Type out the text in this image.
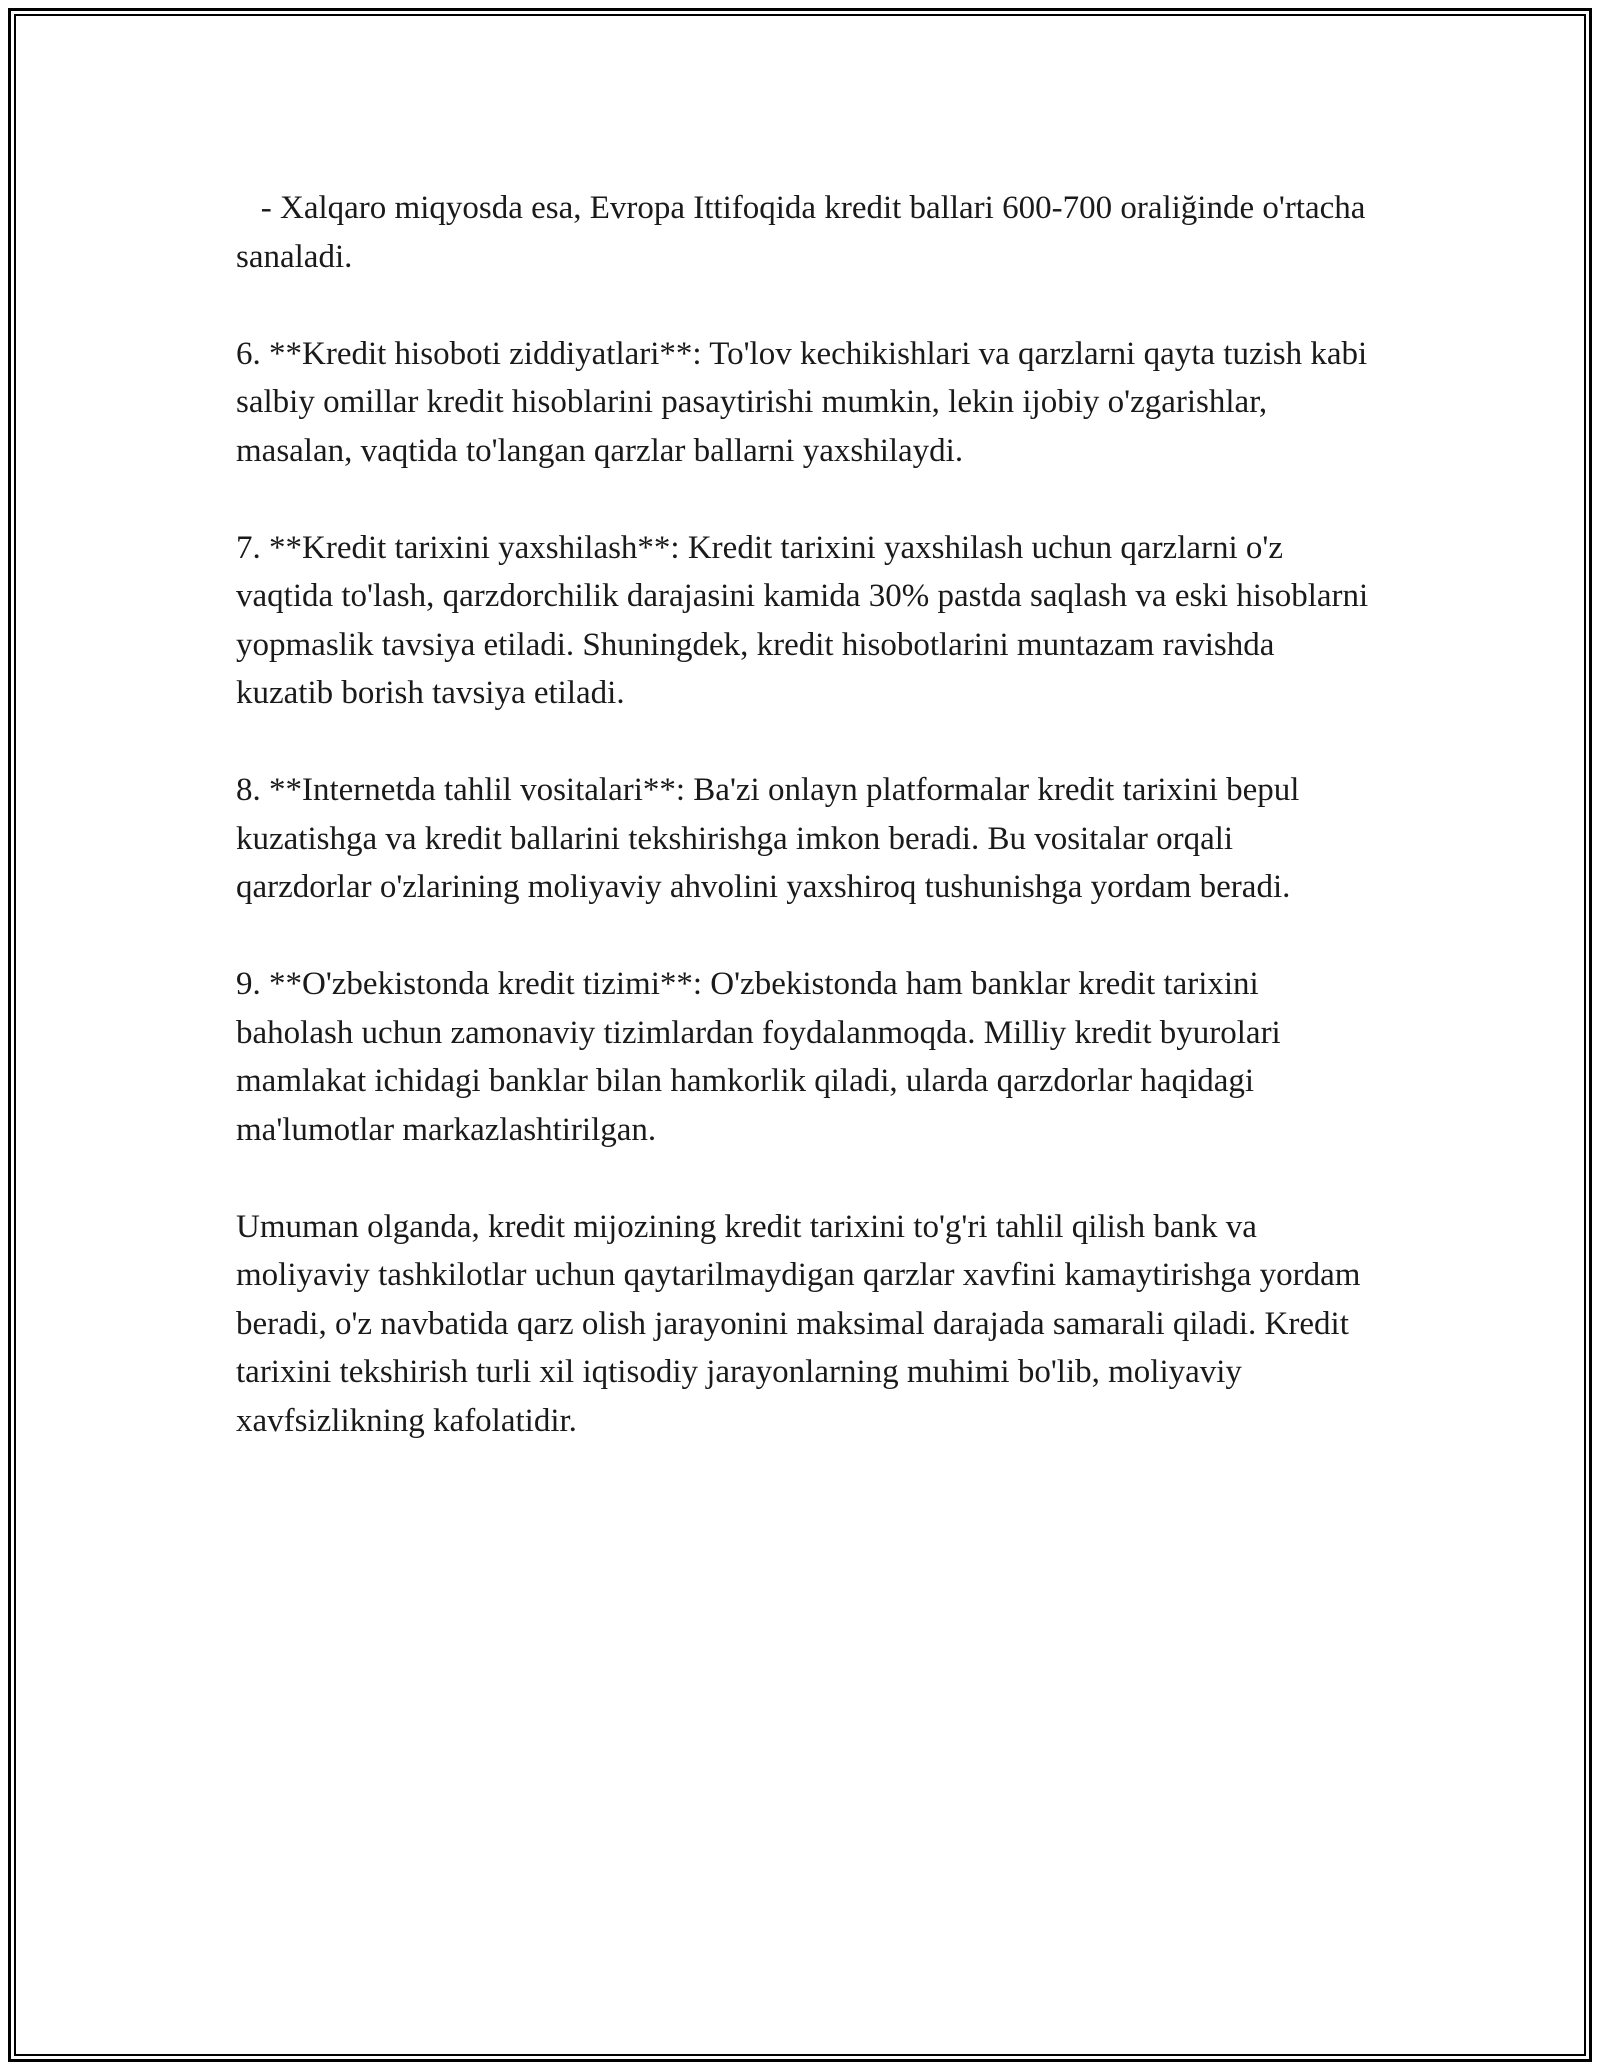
- Xalqaro miqyosda esa, Evropa Ittifoqida kredit ballari 600-700 oraliğinde o'rtacha sanaladi.

6. **Kredit hisoboti ziddiyatlari**: To'lov kechikishlari va qarzlarni qayta tuzish kabi salbiy omillar kredit hisoblarini pasaytirishi mumkin, lekin ijobiy o'zgarishlar, masalan, vaqtida to'langan qarzlar ballarni yaxshilaydi.

7. **Kredit tarixini yaxshilash**: Kredit tarixini yaxshilash uchun qarzlarni o'z vaqtida to'lash, qarzdorchilik darajasini kamida 30% pastda saqlash va eski hisoblarni yopmaslik tavsiya etiladi. Shuningdek, kredit hisobotlarini muntazam ravishda kuzatib borish tavsiya etiladi.

8. **Internetda tahlil vositalari**: Ba'zi onlayn platformalar kredit tarixini bepul kuzatishga va kredit ballarini tekshirishga imkon beradi. Bu vositalar orqali qarzdorlar o'zlarining moliyaviy ahvolini yaxshiroq tushunishga yordam beradi.

9. **O'zbekistonda kredit tizimi**: O'zbekistonda ham banklar kredit tarixini baholash uchun zamonaviy tizimlardan foydalanmoqda. Milliy kredit byurolari mamlakat ichidagi banklar bilan hamkorlik qiladi, ularda qarzdorlar haqidagi ma'lumotlar markazlashtirilgan.

Umuman olganda, kredit mijozining kredit tarixini to'g'ri tahlil qilish bank va moliyaviy tashkilotlar uchun qaytarilmaydigan qarzlar xavfini kamaytirishga yordam beradi, o'z navbatida qarz olish jarayonini maksimal darajada samarali qiladi. Kredit tarixini tekshirish turli xil iqtisodiy jarayonlarning muhimi bo'lib, moliyaviy xavfsizlikning kafolatidir.
